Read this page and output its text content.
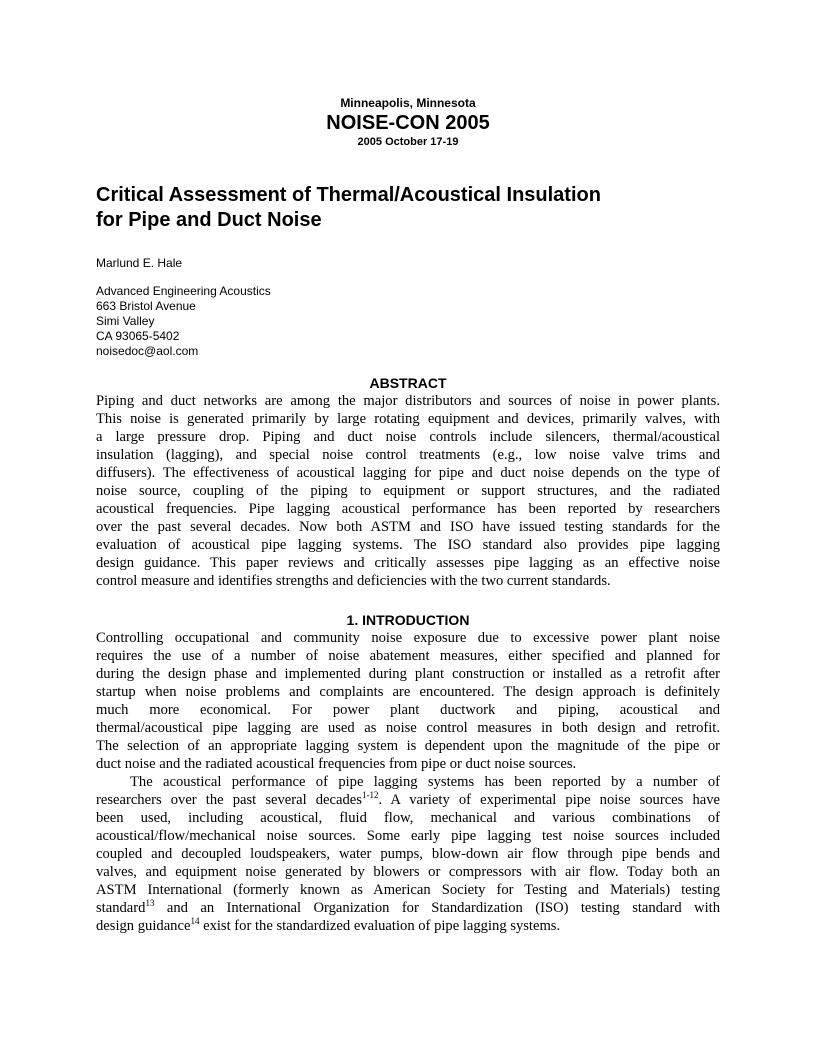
Minneapolis, Minnesota
NOISE-CON 2005
2005 October 17-19
Critical Assessment of Thermal/Acoustical Insulation
for Pipe and Duct Noise
Marlund E. Hale
Advanced Engineering Acoustics
663 Bristol Avenue
Simi Valley
CA 93065-5402
noisedoc@aol.com
ABSTRACT
Piping and duct networks are among the major distributors and sources of noise in power plants.
This noise is generated primarily by large rotating equipment and devices, primarily valves, with
a large pressure drop. Piping and duct noise controls include silencers, thermal/acoustical
insulation (lagging), and special noise control treatments (e.g., low noise valve trims and
diffusers). The effectiveness of acoustical lagging for pipe and duct noise depends on the type of
noise source, coupling of the piping to equipment or support structures, and the radiated
acoustical frequencies. Pipe lagging acoustical performance has been reported by researchers
over the past several decades. Now both ASTM and ISO have issued testing standards for the
evaluation of acoustical pipe lagging systems. The ISO standard also provides pipe lagging
design guidance. This paper reviews and critically assesses pipe lagging as an effective noise
control measure and identifies strengths and deficiencies with the two current standards.
1. INTRODUCTION
Controlling occupational and community noise exposure due to excessive power plant noise
requires the use of a number of noise abatement measures, either specified and planned for
during the design phase and implemented during plant construction or installed as a retrofit after
startup when noise problems and complaints are encountered. The design approach is definitely
much more economical. For power plant ductwork and piping, acoustical and
thermal/acoustical pipe lagging are used as noise control measures in both design and retrofit.
The selection of an appropriate lagging system is dependent upon the magnitude of the pipe or
duct noise and the radiated acoustical frequencies from pipe or duct noise sources.
The acoustical performance of pipe lagging systems has been reported by a number of
researchers over the past several decades$^{1-12}$. A variety of experimental pipe noise sources have
been used, including acoustical, fluid flow, mechanical and various combinations of
acoustical/flow/mechanical noise sources. Some early pipe lagging test noise sources included
coupled and decoupled loudspeakers, water pumps, blow-down air flow through pipe bends and
valves, and equipment noise generated by blowers or compressors with air flow. Today both an
ASTM International (formerly known as American Society for Testing and Materials) testing
standard$^{13}$ and an International Organization for Standardization (ISO) testing standard with
design guidance$^{14}$ exist for the standardized evaluation of pipe lagging systems.
